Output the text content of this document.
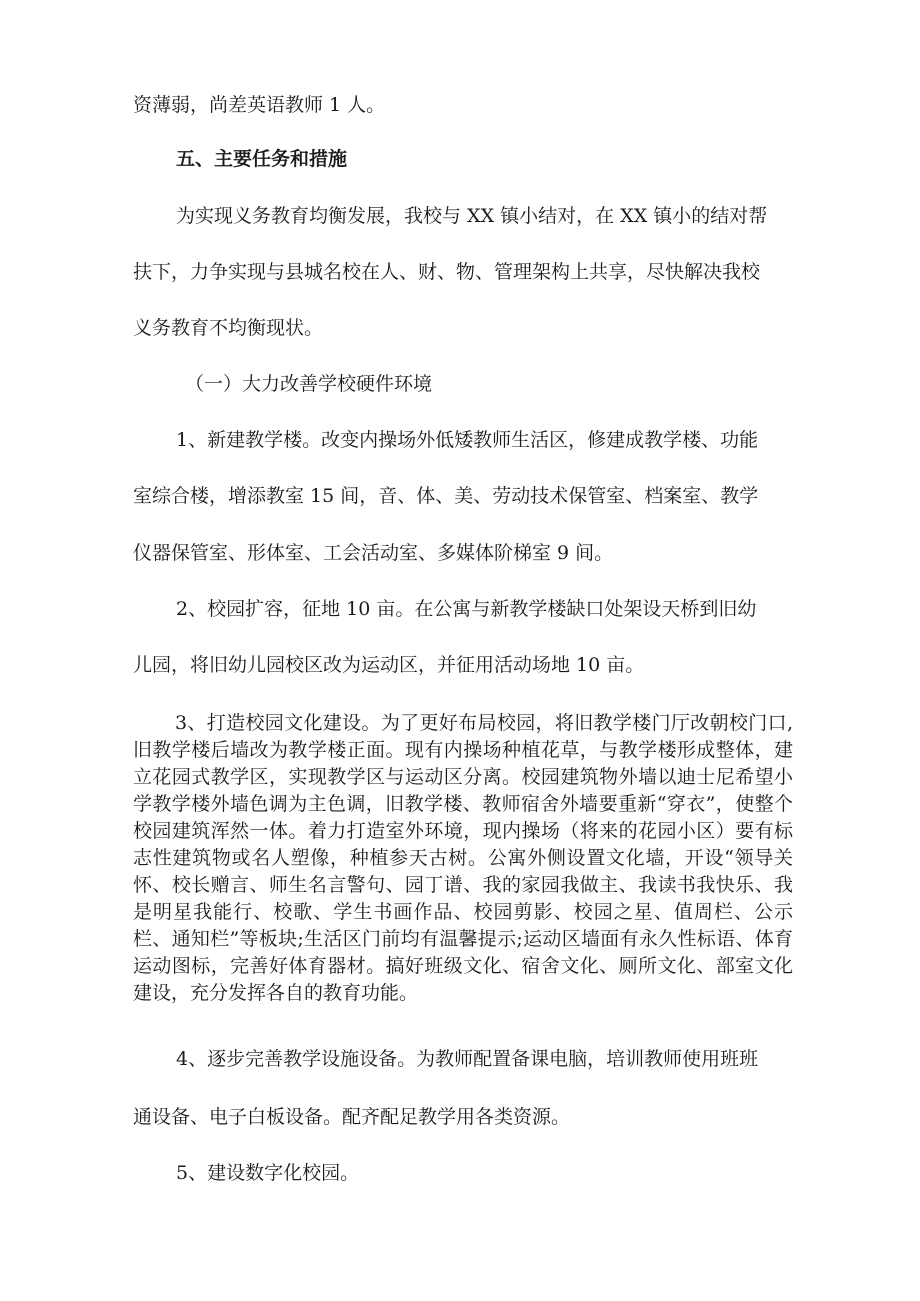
资薄弱，尚差英语教师 1 人。

五、主要任务和措施

为实现义务教育均衡发展，我校与 XX 镇小结对，在 XX 镇小的结对帮

扶下，力争实现与县城名校在人、财、物、管理架构上共享，尽快解决我校

义务教育不均衡现状。

（一）大力改善学校硬件环境

1、新建教学楼。改变内操场外低矮教师生活区，修建成教学楼、功能

室综合楼，增添教室 15 间，音、体、美、劳动技术保管室、档案室、教学

仪器保管室、形体室、工会活动室、多媒体阶梯室 9 间。

2、校园扩容，征地 10 亩。在公寓与新教学楼缺口处架设天桥到旧幼

儿园，将旧幼儿园校区改为运动区，并征用活动场地 10 亩。

3、打造校园文化建设。为了更好布局校园，将旧教学楼门厅改朝校门口,旧教学楼后墙改为教学楼正面。现有内操场种植花草，与教学楼形成整体，建立花园式教学区，实现教学区与运动区分离。校园建筑物外墙以迪士尼希望小学教学楼外墙色调为主色调，旧教学楼、教师宿舍外墙要重新“穿衣”，使整个校园建筑浑然一体。着力打造室外环境，现内操场（将来的花园小区）要有标志性建筑物或名人塑像，种植参天古树。公寓外侧设置文化墙，开设“领导关怀、校长赠言、师生名言警句、园丁谱、我的家园我做主、我读书我快乐、我是明星我能行、校歌、学生书画作品、校园剪影、校园之星、值周栏、公示栏、通知栏”等板块;生活区门前均有温馨提示;运动区墙面有永久性标语、体育运动图标，完善好体育器材。搞好班级文化、宿舍文化、厕所文化、部室文化建设，充分发挥各自的教育功能。

4、逐步完善教学设施设备。为教师配置备课电脑，培训教师使用班班

通设备、电子白板设备。配齐配足教学用各类资源。

5、建设数字化校园。
